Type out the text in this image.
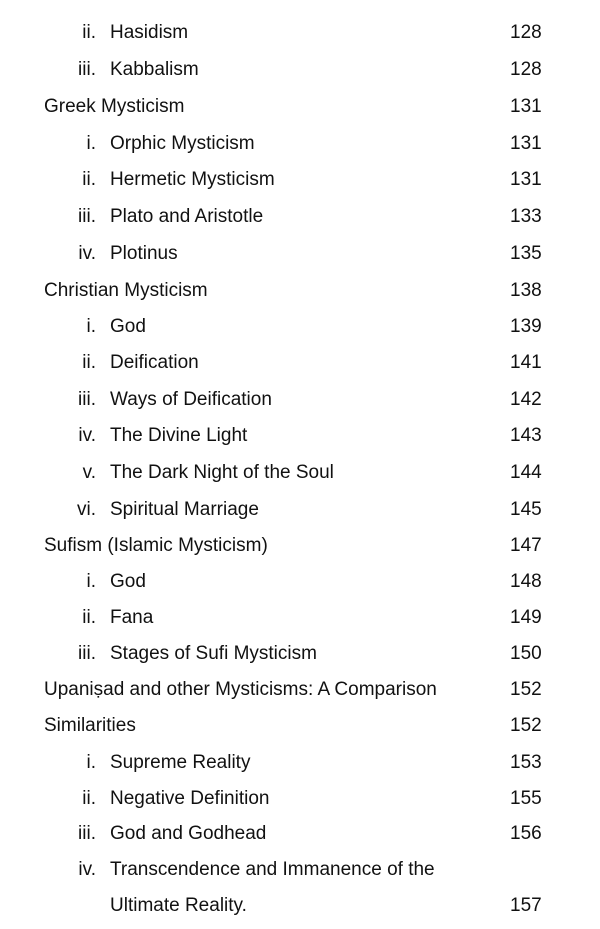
ii. Hasidism	128
iii. Kabbalism	128
Greek Mysticism	131
i. Orphic Mysticism	131
ii. Hermetic Mysticism	131
iii. Plato and Aristotle	133
iv. Plotinus	135
Christian Mysticism	138
i. God	139
ii. Deification	141
iii. Ways of Deification	142
iv. The Divine Light	143
v. The Dark Night of the Soul	144
vi. Spiritual Marriage	145
Sufism (Islamic Mysticism)	147
i. God	148
ii. Fana	149
iii. Stages of Sufi Mysticism	150
Upaniṣad and other Mysticisms: A Comparison	152
Similarities	152
i. Supreme Reality	153
ii. Negative Definition	155
iii. God and Godhead	156
iv. Transcendence and Immanence of the
Ultimate Reality.	157
